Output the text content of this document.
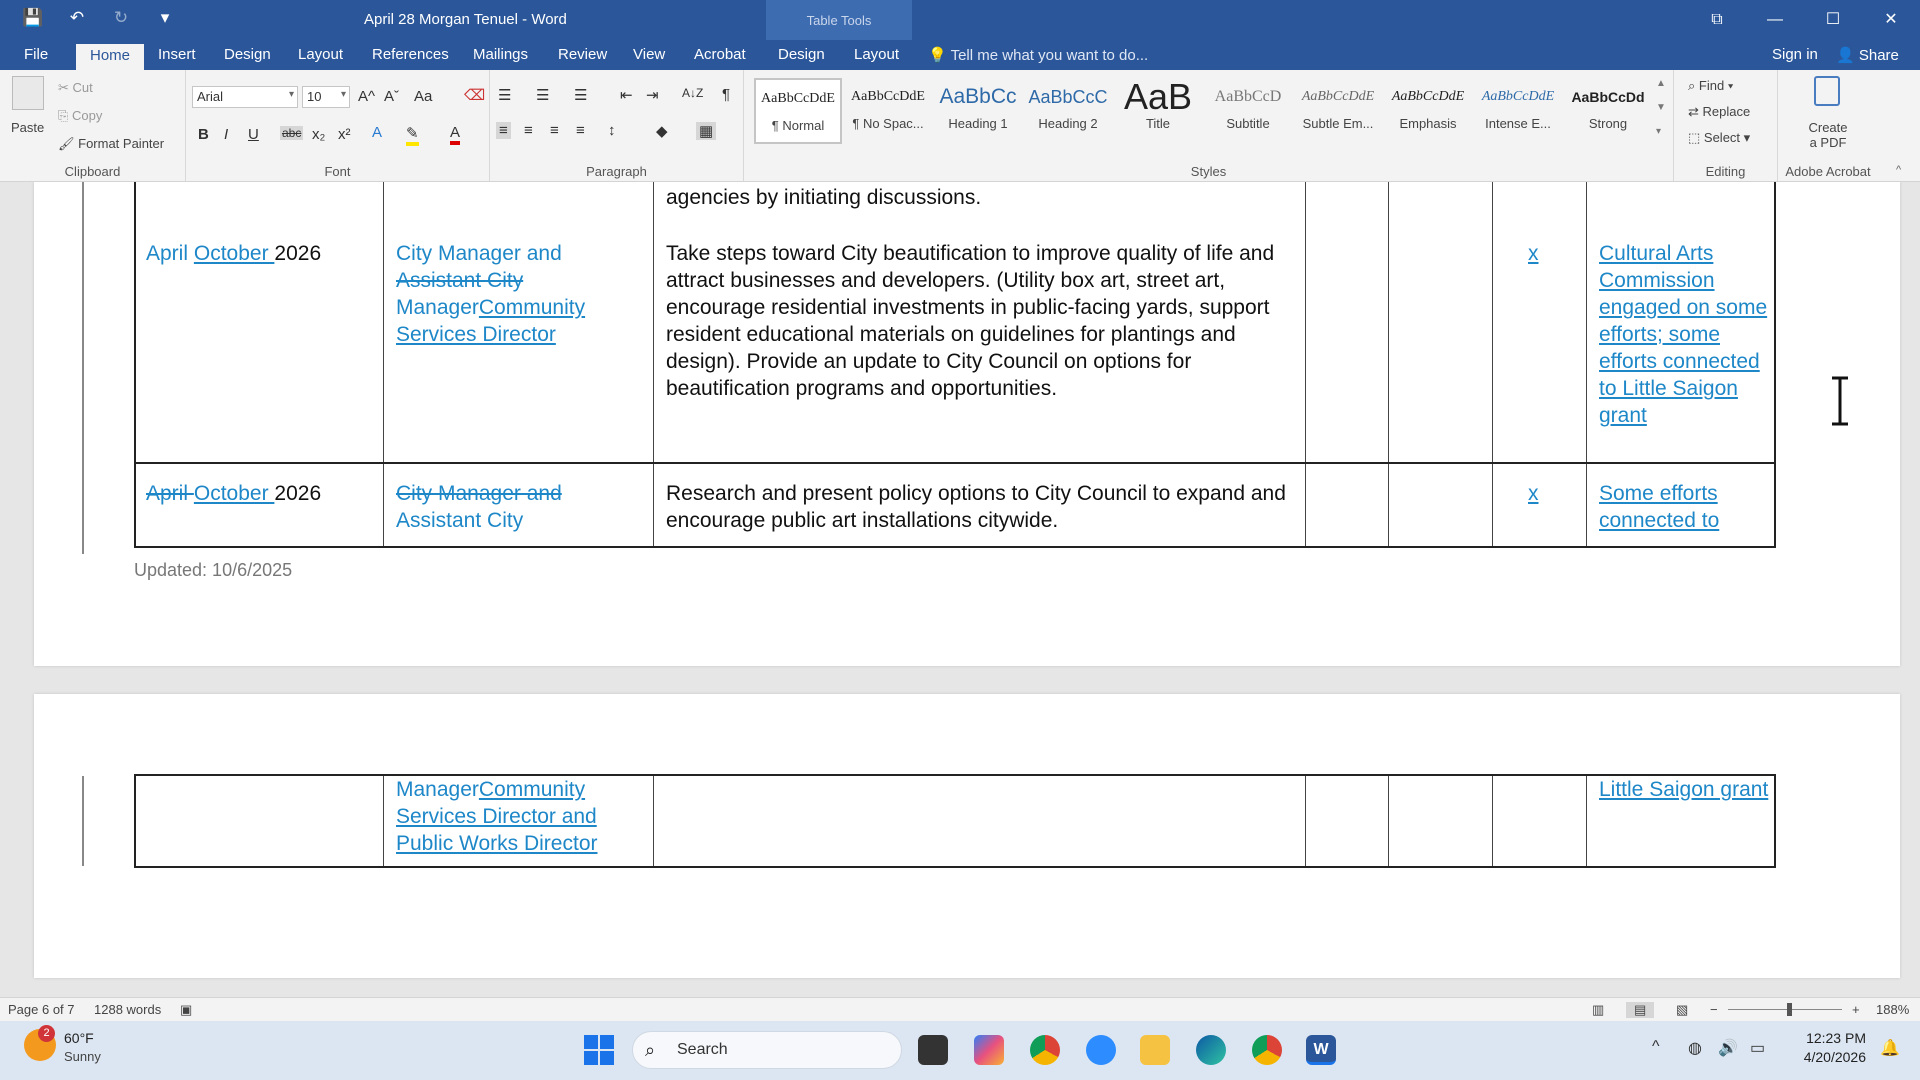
💾 ↶ ↻	▾	April 28 Morgan Tenuel - Word	Table Tools	⧉	—	☐	✕
File	Home	Insert Design Layout References Mailings Review View Acrobat Design Layout 💡 Tell me what you want to do...	Sign in 👤 Share
Paste
✂ Cut
⎘ Copy
🖌 Format Painter
Clipboard
Arial ▾	10 ▾	A^ Aˇ Aa ⌫
B I U abc x₂ x² A ✎ A
Font
☰ ☰ ☰ ⇤ ⇥ A↓Z ¶
≡ ≡ ≡ ≡ ↕	◆ ▦
Paragraph
AaBbCcDdE
¶ Normal
AaBbCcDdE
¶ No Spac...
AaBbCc
Heading 1
AaBbCcC
Heading 2
AaB
Title
AaBbCcD
Subtitle
AaBbCcDdE
Subtle Em...
AaBbCcDdE
Emphasis
AaBbCcDdE
Intense E...
AaBbCcDd
Strong
▲
▼
▾
Styles
⌕ Find ▾
⇄ Replace
⬚ Select ▾
Editing
Create
a PDF
Adobe Acrobat	^
agencies by initiating discussions.
April October 2026	City Manager and Assistant City
ManagerCommunity
Services Director
Take steps toward City beautification to improve quality of life and attract businesses and developers. (Utility box art, street art, encourage residential investments in public-facing yards, support resident educational materials on guidelines for plantings and design). Provide an update to City Council on options for beautification programs and opportunities.
x	Cultural Arts Commission engaged on some efforts; some efforts connected to Little Saigon grant
April October 2026	City Manager and
Assistant City
Research and present policy options to City Council to expand and encourage public art installations citywide.
x	Some efforts connected to
Updated: 10/6/2025
ManagerCommunity
Services Director and Public Works Director
Little Saigon grant
Page 6 of 7 1288 words ▣	▥	▤	▧ −	+ 188%
2	60°F
Sunny	⌕ Search	W	^ ◍ 🔊 ▭
12:23 PM
4/20/2026 🔔
